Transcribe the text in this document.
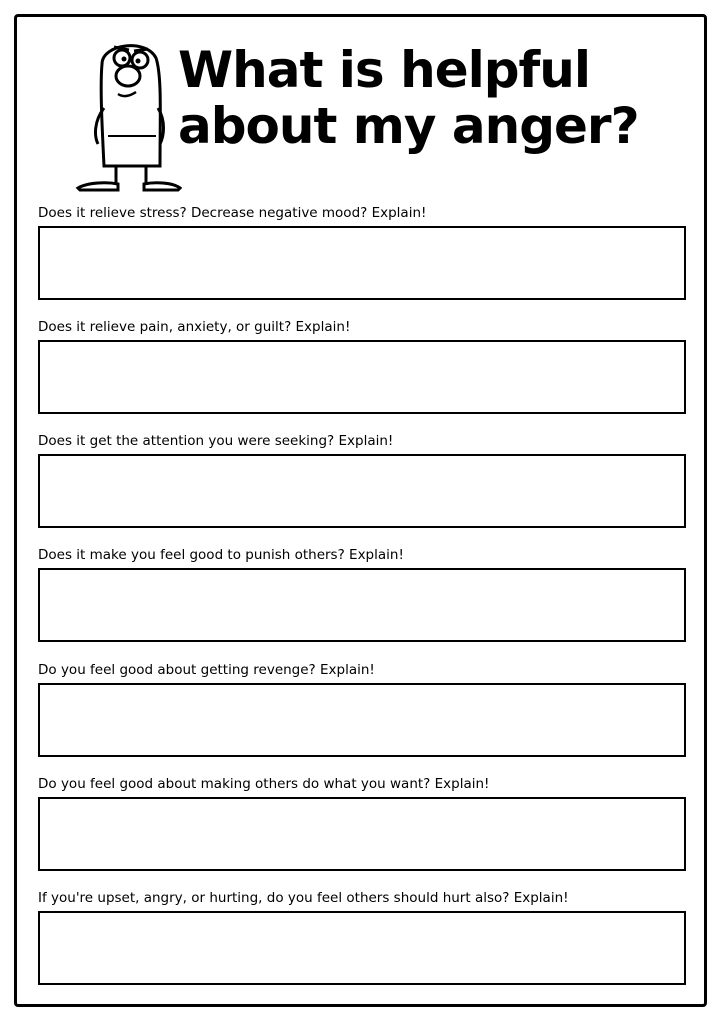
What is helpful
about my anger?

Does it relieve stress? Decrease negative mood? Explain!

Does it relieve pain, anxiety, or guilt? Explain!

Does it get the attention you were seeking? Explain!

Does it make you feel good to punish others? Explain!

Do you feel good about getting revenge? Explain!

Do you feel good about making others do what you want? Explain!

If you're upset, angry, or hurting, do you feel others should hurt also? Explain!
